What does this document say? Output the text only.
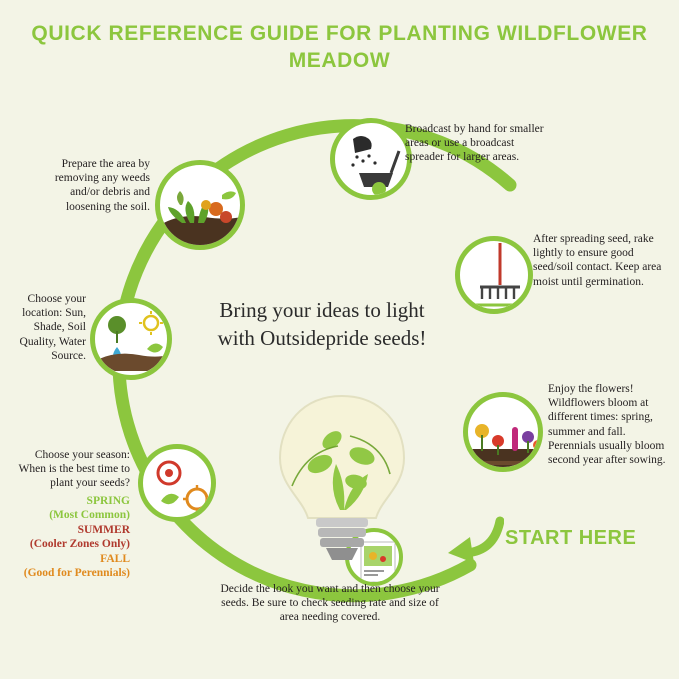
QUICK REFERENCE GUIDE FOR PLANTING WILDFLOWER MEADOW
Prepare the area by removing any weeds and/or debris and loosening the soil.
Broadcast by hand for smaller areas or use a broadcast spreader for larger areas.
After spreading seed, rake lightly to ensure good seed/soil contact. Keep area moist until germination.
Enjoy the flowers! Wildflowers bloom at different times: spring, summer and fall. Perennials usually bloom second year after sowing.
Choose your season: When is the best time to plant your seeds?
SPRING
(Most Common)
SUMMER
(Cooler Zones Only)
FALL
(Good for Perennials)
Choose your location: Sun, Shade, Soil Quality, Water Source.
Decide the look you want and then choose your seeds. Be sure to check seeding rate and size of area needing covered.
START HERE
Bring your ideas to light
with Outsidepride seeds!
